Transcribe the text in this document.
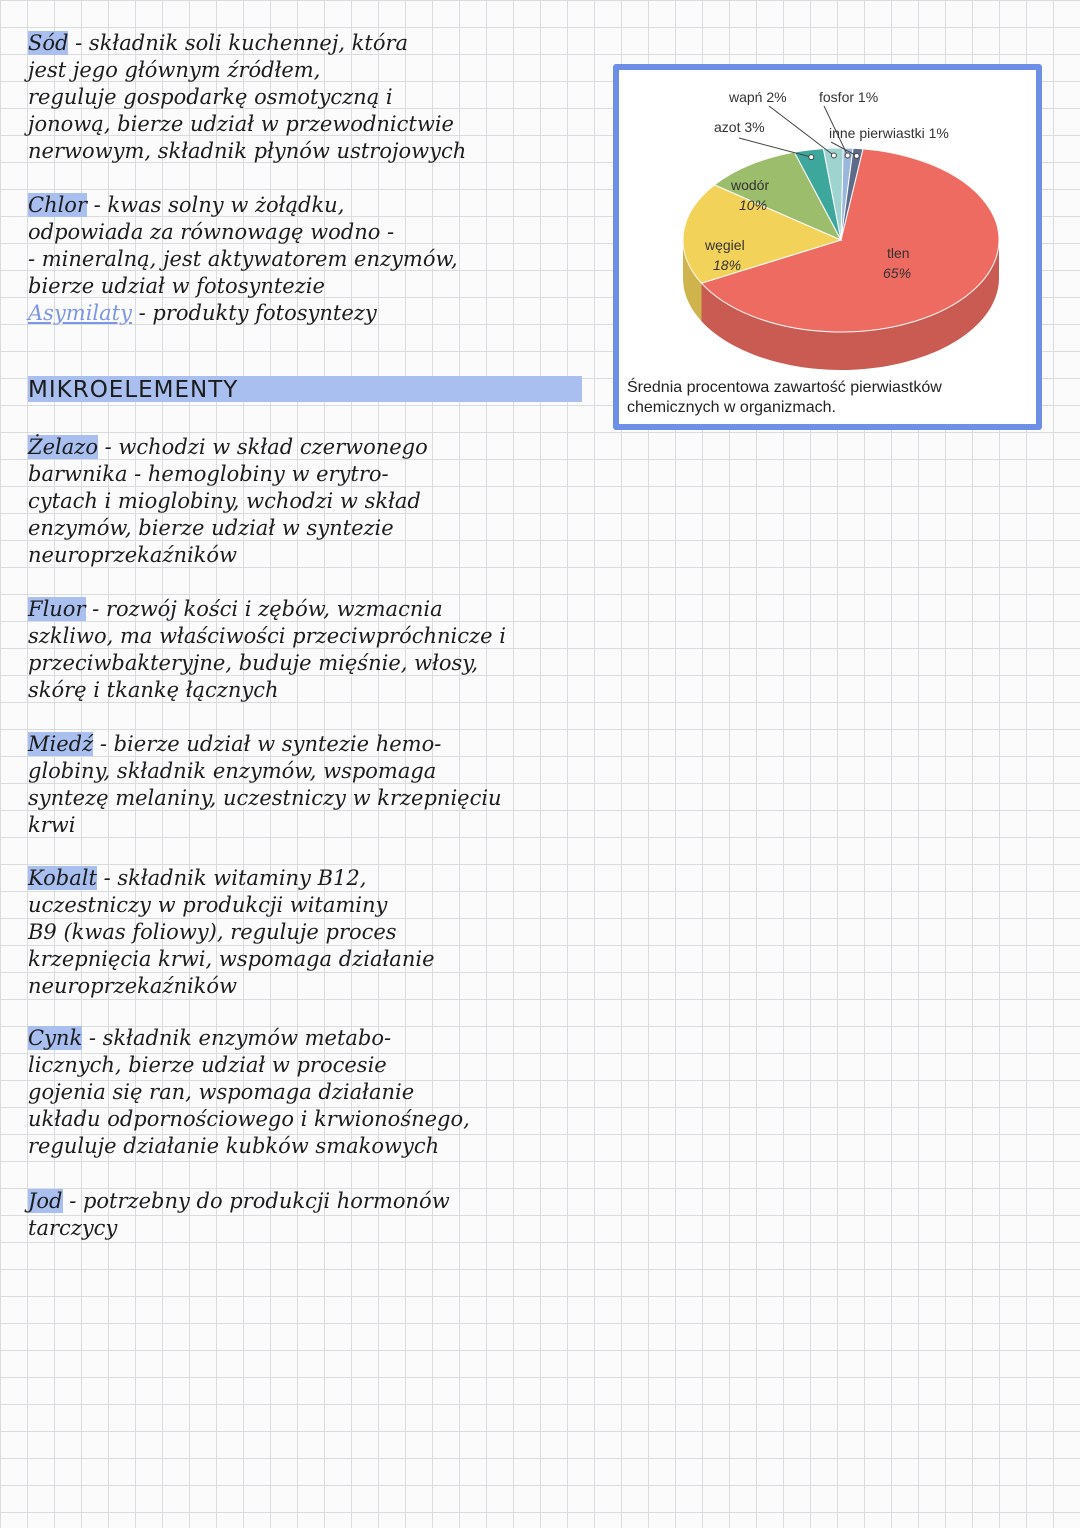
Sód - składnik soli kuchennej, która
jest jego głównym źródłem,
reguluje gospodarkę osmotyczną i
jonową, bierze udział w przewodnictwie
nerwowym, składnik płynów ustrojowych
Chlor - kwas solny w żołądku,
odpowiada za równowagę wodno -
- mineralną, jest aktywatorem enzymów,
bierze udział w fotosyntezie
Asymilaty - produkty fotosyntezy
MIKROELEMENTY
Żelazo - wchodzi w skład czerwonego
barwnika - hemoglobiny w erytro-
cytach i mioglobiny, wchodzi w skład
enzymów, bierze udział w syntezie
neuroprzekaźników
Fluor - rozwój kości i zębów, wzmacnia
szkliwo, ma właściwości przeciwpróchnicze i
przeciwbakteryjne, buduje mięśnie, włosy,
skórę i tkankę łącznych
Miedź - bierze udział w syntezie hemo-
globiny, składnik enzymów, wspomaga
syntezę melaniny, uczestniczy w krzepnięciu
krwi
Kobalt - składnik witaminy B12,
uczestniczy w produkcji witaminy
B9 (kwas foliowy), reguluje proces
krzepnięcia krwi, wspomaga działanie
neuroprzekaźników
Cynk - składnik enzymów metabo-
licznych, bierze udział w procesie
gojenia się ran, wspomaga działanie
układu odpornościowego i krwionośnego,
reguluje działanie kubków smakowych
Jod - potrzebny do produkcji hormonów
tarczycy
wapń 2% fosfor 1%
azot 3%	inne pierwiastki 1%
wodór
10%
węgiel
18%
tlen
65%
Średnia procentowa zawartość pierwiastków chemicznych w organizmach.
